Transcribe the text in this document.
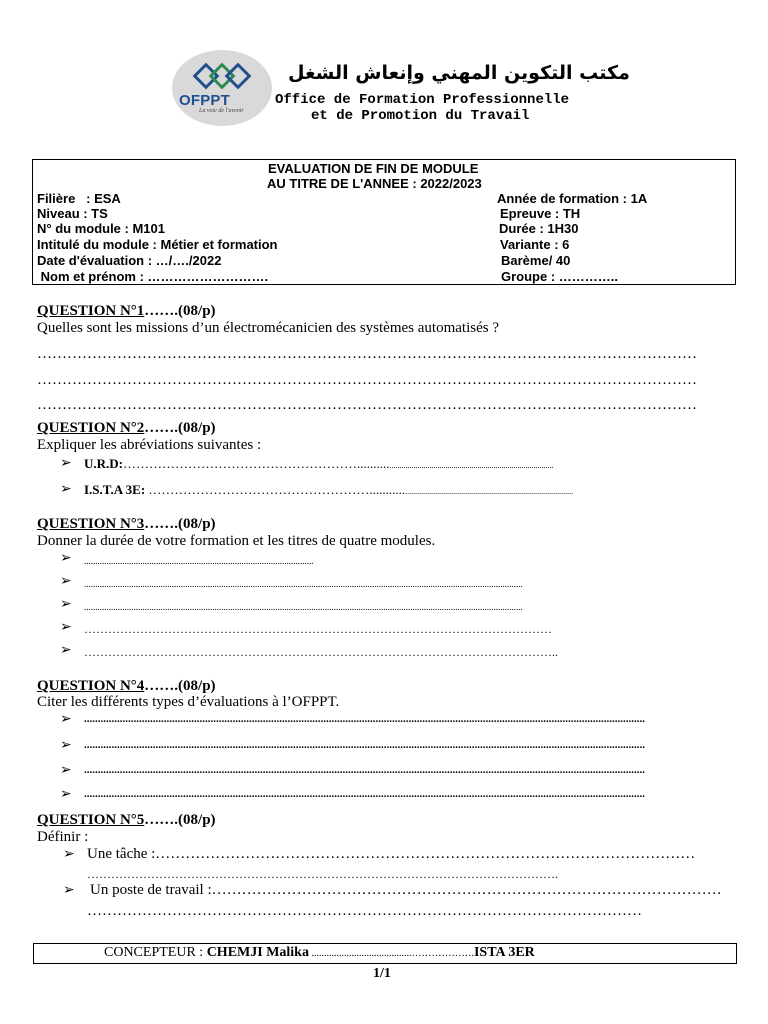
OFPPT
La voie de l'avenir
مكتب التكوين المهني وإنعاش الشغل
Office de Formation Professionnelle
et de Promotion du Travail
EVALUATION DE FIN DE MODULE
AU TITRE DE L'ANNEE : 2022/2023
Filière   : ESA
Niveau : TS
N° du module : M101
Intitulé du module : Métier et formation
Date d'évaluation : …/…./2022
Nom et prénom : ……………………….
Année de formation : 1A
Epreuve : TH
Durée : 1H30
Variante : 6
Barème/ 40
Groupe : …………..
QUESTION N°1…….(08/p)
Quelles sont les missions d’un électromécanicien des systèmes automatisés ?
……………………………………………………………………………………………………………………
……………………………………………………………………………………………………………………
……………………………………………………………………………………………………………………
QUESTION N°2…….(08/p)
Expliquer les abréviations suivantes :
➢ U.R.D:………………………………………………............................................................................................
➢ I.S.T.A 3E: ……………………………………………...............................................................................................
QUESTION N°3…….(08/p)
Donner la durée de votre formation et les titres de quatre modules.
➢ ......................................................................................................
➢ ...................................................................................................................................................................................................
➢ ...................................................................................................................................................................................................
➢ ………………………………………………………………………………………………………
➢ ………………………………………………………………………………………………………..
QUESTION N°4…….(08/p)
Citer les différents types d’évaluations à l’OFPPT.
➢ ............................................................................................................................................................................................................
➢ ............................................................................................................................................................................................................
➢ ............................................................................................................................................................................................................
➢ ............................................................................................................................................................................................................
QUESTION N°5…….(08/p)
Définir :
➢ Une tâche :………………………………………………………………………………………………
……………………………………………………………………………………………………….
➢ Un poste de travail :…………………………………………………………………………………………
…………………………………………………………………………………………………
CONCEPTEUR : CHEMJI Malika ........................................……………….ISTA 3ER
1/1
